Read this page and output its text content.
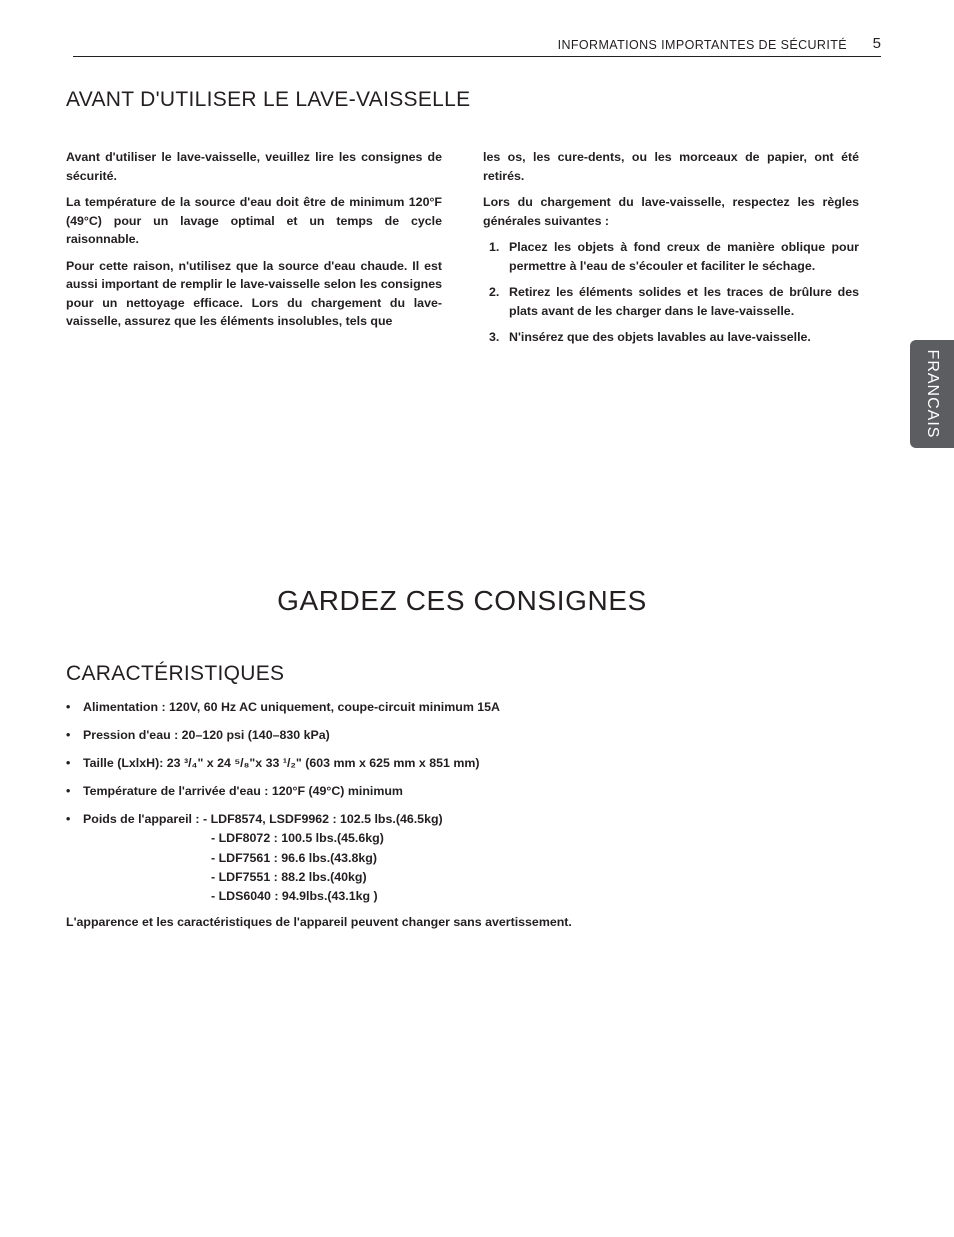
INFORMATIONS IMPORTANTES DE SÉCURITÉ 5
AVANT D'UTILISER LE LAVE-VAISSELLE

Avant d'utiliser le lave-vaisselle, veuillez lire les consignes de sécurité.

La température de la source d'eau doit être de minimum 120°F (49°C) pour un lavage optimal et un temps de cycle raisonnable.

Pour cette raison, n'utilisez que la source d'eau chaude. Il est aussi important de remplir le lave-vaisselle selon les consignes pour un nettoyage efficace. Lors du chargement du lave-vaisselle, assurez que les éléments insolubles, tels que

les os, les cure-dents, ou les morceaux de papier, ont été retirés.

Lors du chargement du lave-vaisselle, respectez les règles générales suivantes :

1. Placez les objets à fond creux de manière oblique pour permettre à l'eau de s'écouler et faciliter le séchage.
2. Retirez les éléments solides et les traces de brûlure des plats avant de les charger dans le lave-vaisselle.
3. N'insérez que des objets lavables au lave-vaisselle.
FRANCAIS
GARDEZ CES CONSIGNES
CARACTÉRISTIQUES
• Alimentation : 120V, 60 Hz AC uniquement, coupe-circuit minimum 15A
• Pression d'eau : 20–120 psi (140–830 kPa)
• Taille (LxlxH): 23 ³/₄" x 24 ⁵/₈"x 33 ¹/₂" (603 mm x 625 mm x 851 mm)
• Température de l'arrivée d'eau : 120°F (49°C) minimum
• Poids de l'appareil : - LDF8574, LSDF9962 : 102.5 lbs.(46.5kg)
- LDF8072 : 100.5 lbs.(45.6kg)
- LDF7561 : 96.6 lbs.(43.8kg)
- LDF7551 : 88.2 lbs.(40kg)
- LDS6040 : 94.9lbs.(43.1kg )

L'apparence et les caractéristiques de l'appareil peuvent changer sans avertissement.
